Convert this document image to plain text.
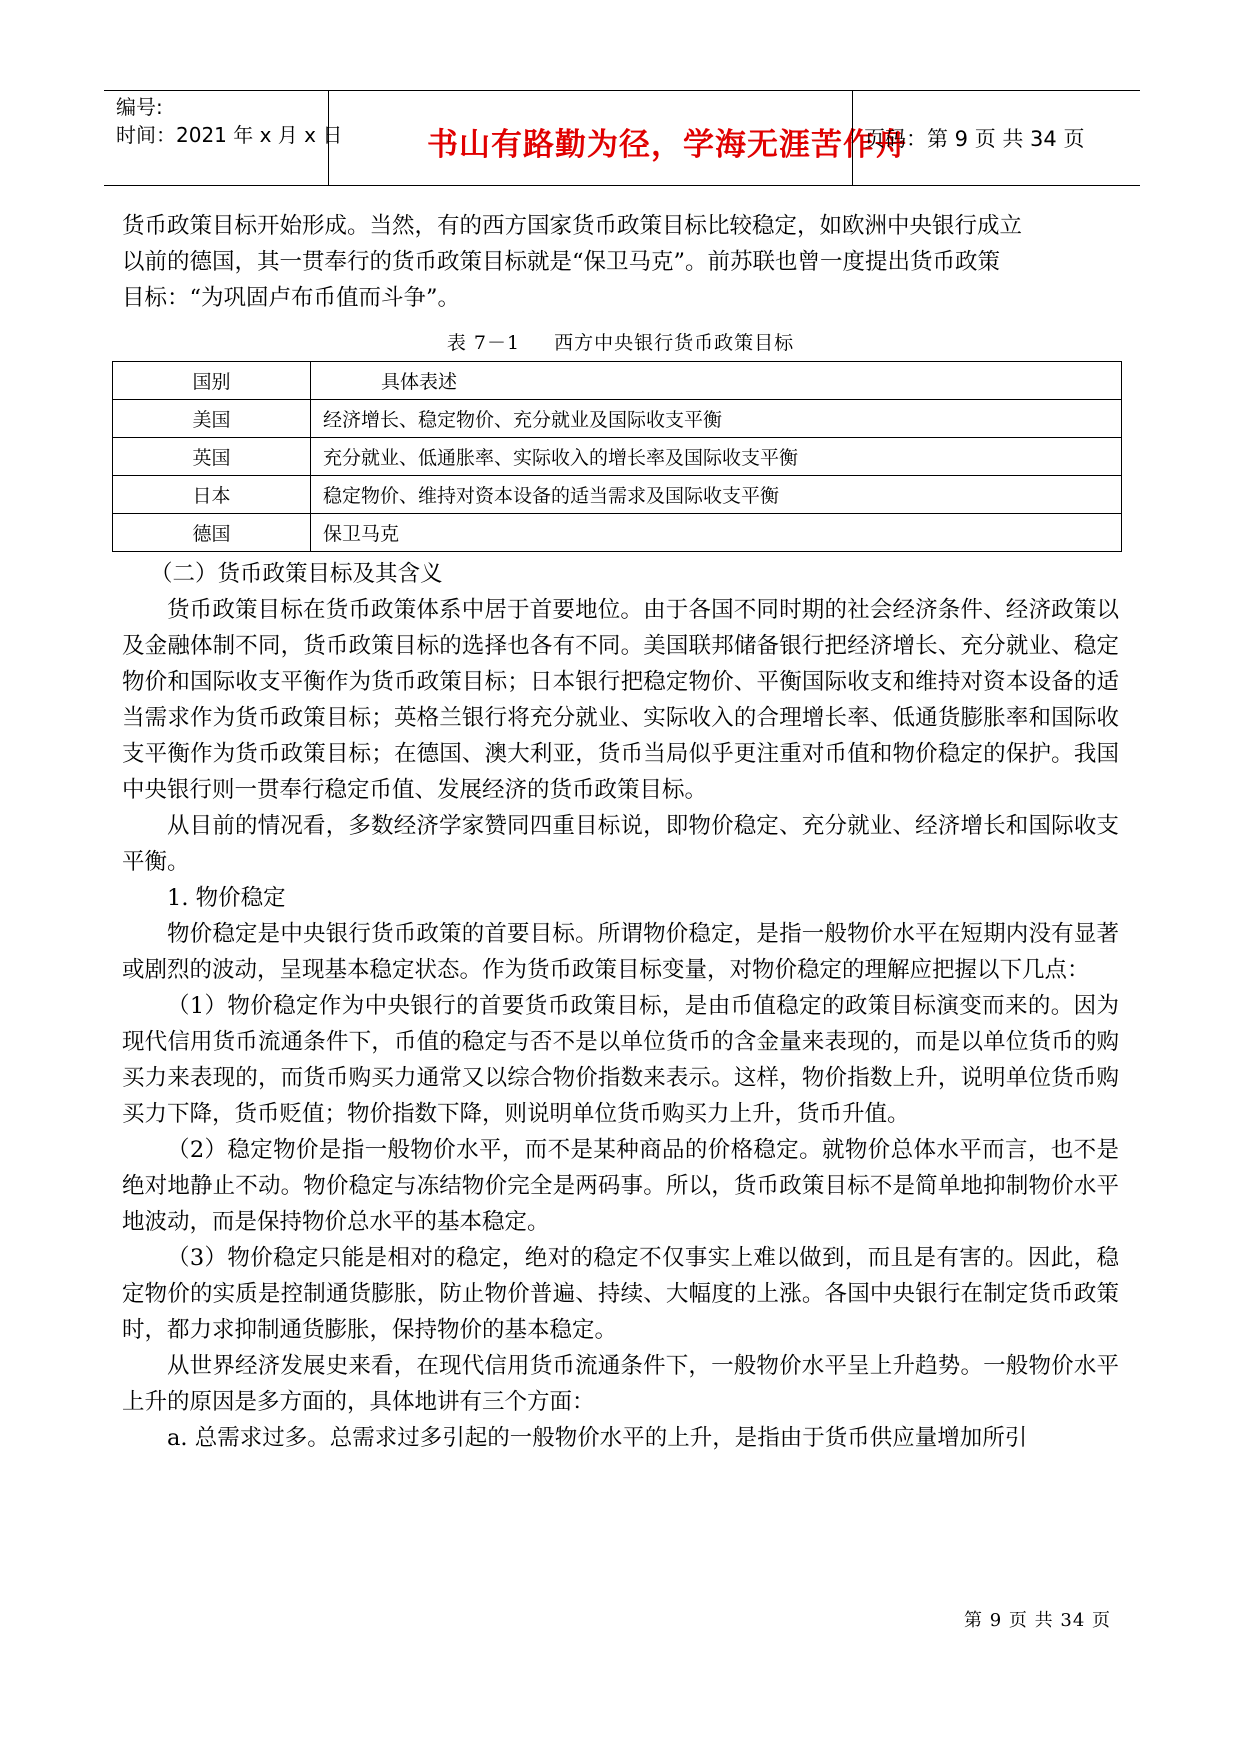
编号:
时间：2021 年 x 月 x 日	书山有路勤为径，学海无涯苦作舟
页码：第 9 页 共 34 页

货币政策目标开始形成。当然，有的西方国家货币政策目标比较稳定，如欧洲中央银行成立

以前的德国，其一贯奉行的货币政策目标就是“保卫马克”。前苏联也曾一度提出货币政策

目标：“为巩固卢布币值而斗争”。

表 7－1 西方中央银行货币政策目标
国别	具体表述
美国	经济增长、稳定物价、充分就业及国际收支平衡
英国	充分就业、低通胀率、实际收入的增长率及国际收支平衡
日本	稳定物价、维持对资本设备的适当需求及国际收支平衡
德国	保卫马克

（二）货币政策目标及其含义

货币政策目标在货币政策体系中居于首要地位。由于各国不同时期的社会经济条件、经济政策以及金融体制不同，货币政策目标的选择也各有不同。美国联邦储备银行把经济增长、充分就业、稳定物价和国际收支平衡作为货币政策目标；日本银行把稳定物价、平衡国际收支和维持对资本设备的适当需求作为货币政策目标；英格兰银行将充分就业、实际收入的合理增长率、低通货膨胀率和国际收支平衡作为货币政策目标；在德国、澳大利亚，货币当局似乎更注重对币值和物价稳定的保护。我国中央银行则一贯奉行稳定币值、发展经济的货币政策目标。

从目前的情况看，多数经济学家赞同四重目标说，即物价稳定、充分就业、经济增长和国际收支平衡。

1. 物价稳定

物价稳定是中央银行货币政策的首要目标。所谓物价稳定，是指一般物价水平在短期内没有显著或剧烈的波动，呈现基本稳定状态。作为货币政策目标变量，对物价稳定的理解应把握以下几点：

（1）物价稳定作为中央银行的首要货币政策目标，是由币值稳定的政策目标演变而来的。因为现代信用货币流通条件下，币值的稳定与否不是以单位货币的含金量来表现的，而是以单位货币的购买力来表现的，而货币购买力通常又以综合物价指数来表示。这样，物价指数上升，说明单位货币购买力下降，货币贬值；物价指数下降，则说明单位货币购买力上升，货币升值。

（2）稳定物价是指一般物价水平，而不是某种商品的价格稳定。就物价总体水平而言，也不是绝对地静止不动。物价稳定与冻结物价完全是两码事。所以，货币政策目标不是简单地抑制物价水平地波动，而是保持物价总水平的基本稳定。

（3）物价稳定只能是相对的稳定，绝对的稳定不仅事实上难以做到，而且是有害的。因此，稳定物价的实质是控制通货膨胀，防止物价普遍、持续、大幅度的上涨。各国中央银行在制定货币政策时，都力求抑制通货膨胀，保持物价的基本稳定。

从世界经济发展史来看，在现代信用货币流通条件下，一般物价水平呈上升趋势。一般物价水平上升的原因是多方面的，具体地讲有三个方面：

a. 总需求过多。总需求过多引起的一般物价水平的上升，是指由于货币供应量增加所引

第 9 页 共 34 页
